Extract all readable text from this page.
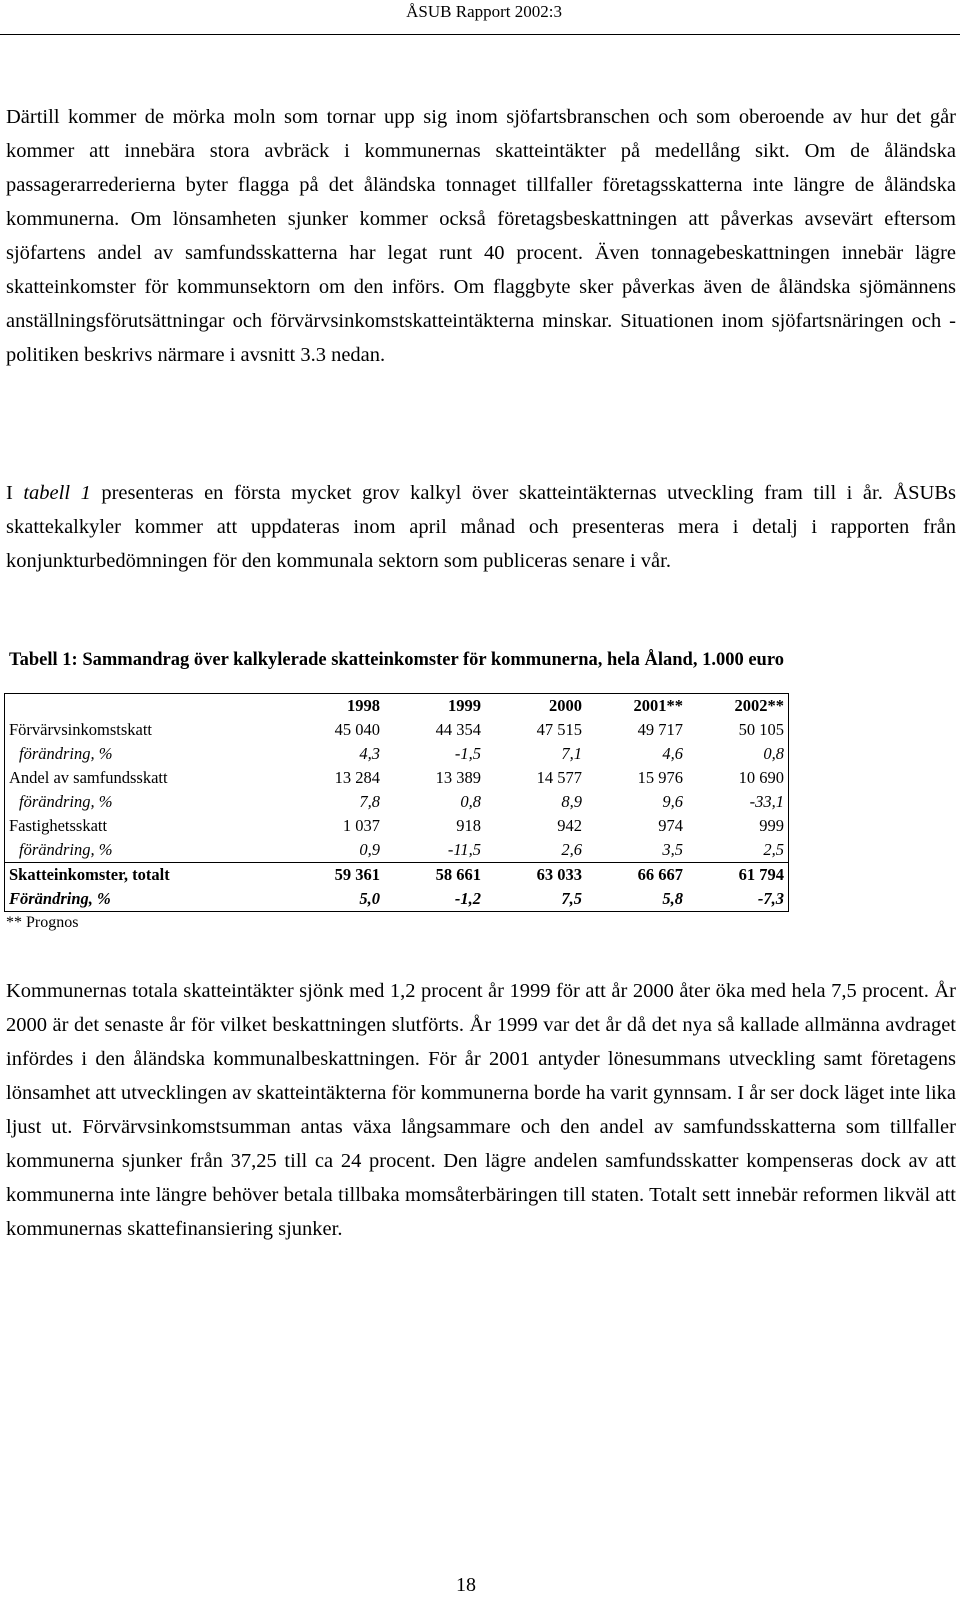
ÅSUB Rapport 2002:3

Därtill kommer de mörka moln som tornar upp sig inom sjöfartsbranschen och som oberoende av hur det går kommer att innebära stora avbräck i kommunernas skatteintäkter på medellång sikt. Om de åländska passagerarrederierna byter flagga på det åländska tonnaget tillfaller företagsskatterna inte längre de åländska kommunerna. Om lönsamheten sjunker kommer också företagsbeskattningen att påverkas avsevärt eftersom sjöfartens andel av samfundsskatterna har legat runt 40 procent. Även tonnagebeskattningen innebär lägre skatteinkomster för kommunsektorn om den införs. Om flaggbyte sker påverkas även de åländska sjömännens anställningsförutsättningar och förvärvsinkomstskatteintäkterna minskar. Situationen inom sjöfartsnäringen och - politiken beskrivs närmare i avsnitt 3.3 nedan.

I tabell 1 presenteras en första mycket grov kalkyl över skatteintäkternas utveckling fram till i år. ÅSUBs skattekalkyler kommer att uppdateras inom april månad och presenteras mera i detalj i rapporten från konjunkturbedömningen för den kommunala sektorn som publiceras senare i vår.

Tabell 1: Sammandrag över kalkylerade skatteinkomster för kommunerna, hela Åland, 1.000 euro
	1998	1999	2000	2001**	2002**
Förvärvsinkomstskatt	45 040	44 354	47 515	49 717	50 105
förändring, %	4,3	-1,5	7,1	4,6	0,8
Andel av samfundsskatt	13 284	13 389	14 577	15 976	10 690
förändring, %	7,8	0,8	8,9	9,6	-33,1
Fastighetsskatt	1 037	918	942	974	999
förändring, %	0,9	-11,5	2,6	3,5	2,5
Skatteinkomster, totalt	59 361	58 661	63 033	66 667	61 794
Förändring, %	5,0	-1,2	7,5	5,8	-7,3
** Prognos

Kommunernas totala skatteintäkter sjönk med 1,2 procent år 1999 för att år 2000 åter öka med hela 7,5 procent. År 2000 är det senaste år för vilket beskattningen slutförts. År 1999 var det år då det nya så kallade allmänna avdraget infördes i den åländska kommunalbeskattningen. För år 2001 antyder lönesummans utveckling samt företagens lönsamhet att utvecklingen av skatteintäkterna för kommunerna borde ha varit gynnsam. I år ser dock läget inte lika ljust ut. Förvärvsinkomstsumman antas växa långsammare och den andel av samfundsskatterna som tillfaller kommunerna sjunker från 37,25 till ca 24 procent. Den lägre andelen samfundsskatter kompenseras dock av att kommunerna inte längre behöver betala tillbaka momsåterbäringen till staten. Totalt sett innebär reformen likväl att kommunernas skattefinansiering sjunker.

18
